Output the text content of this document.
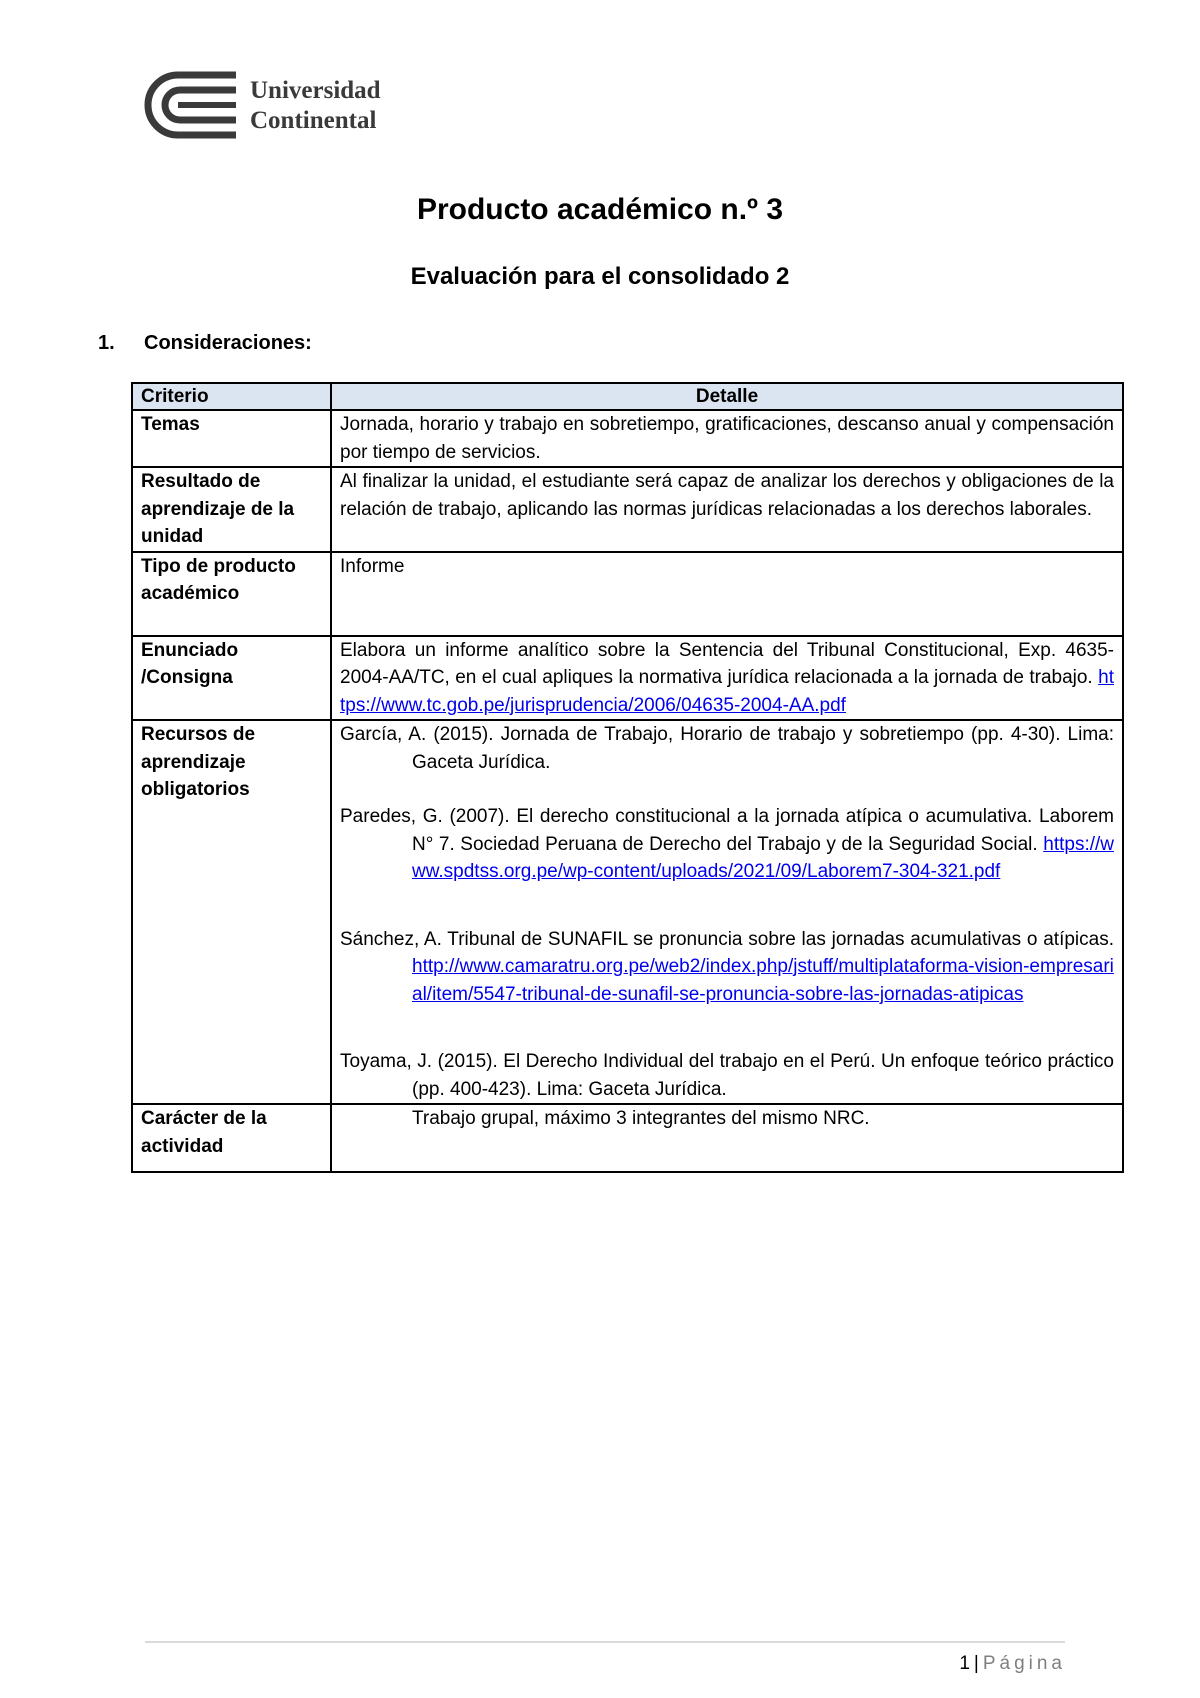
Universidad
Continental
Producto académico n.º 3
Evaluación para el consolidado 2
1. Consideraciones:
Criterio	Detalle
Temas	Jornada, horario y trabajo en sobretiempo, gratificaciones, descanso anual y compensación por tiempo de servicios.
Resultado de aprendizaje de la unidad	Al finalizar la unidad, el estudiante será capaz de analizar los derechos y obligaciones de la relación de trabajo, aplicando las normas jurídicas relacionadas a los derechos laborales.
Tipo de producto académico	Informe
Enunciado /Consigna	Elabora un informe analítico sobre la Sentencia del Tribunal Constitucional, Exp. 4635-2004-AA/TC, en el cual apliques la normativa jurídica relacionada a la jornada de trabajo. https://www.tc.gob.pe/jurisprudencia/2006/04635-2004-AA.pdf
Recursos de aprendizaje obligatorios	García, A. (2015). Jornada de Trabajo, Horario de trabajo y sobretiempo (pp. 4-30). Lima: Gaceta Jurídica.

Paredes, G. (2007). El derecho constitucional a la jornada atípica o acumulativa. Laborem N° 7. Sociedad Peruana de Derecho del Trabajo y de la Seguridad Social. https://www.spdtss.org.pe/wp-content/uploads/2021/09/Laborem7-304-321.pdf

Sánchez, A. Tribunal de SUNAFIL se pronuncia sobre las jornadas acumulativas o atípicas. http://www.camaratru.org.pe/web2/index.php/jstuff/multiplataforma-vision-empresarial/item/5547-tribunal-de-sunafil-se-pronuncia-sobre-las-jornadas-atipicas

Toyama, J. (2015). El Derecho Individual del trabajo en el Perú. Un enfoque teórico práctico (pp. 400-423). Lima: Gaceta Jurídica.

Carácter de la actividad	Trabajo grupal, máximo 3 integrantes del mismo NRC.
1 | Página
